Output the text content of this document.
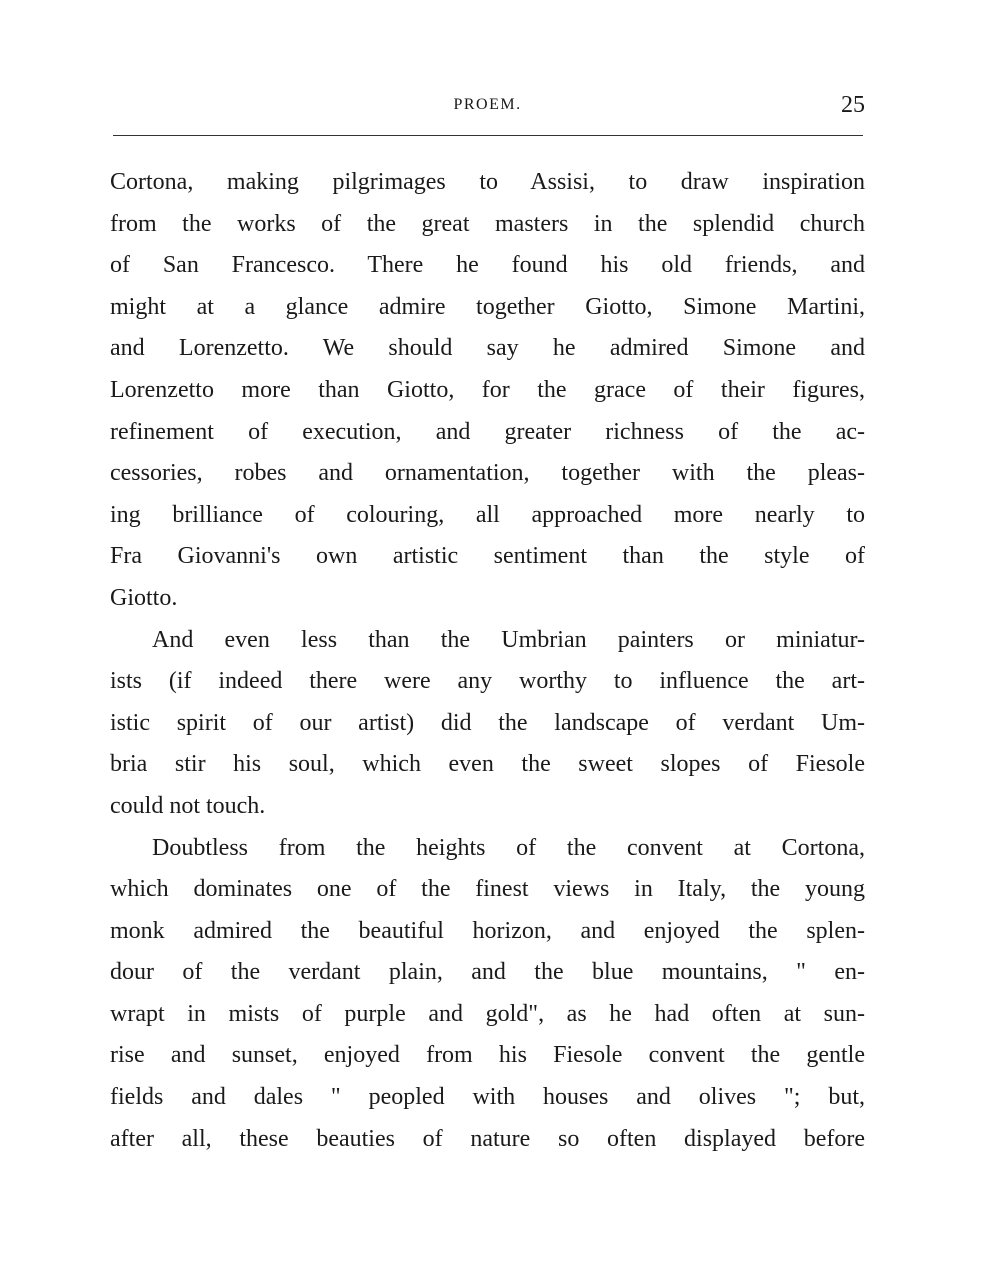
PROEM.	25

Cortona, making pilgrimages to Assisi, to draw inspiration
from the works of the great masters in the splendid church
of San Francesco. There he found his old friends, and
might at a glance admire together Giotto, Simone Martini,
and Lorenzetto. We should say he admired Simone and
Lorenzetto more than Giotto, for the grace of their figures,
refinement of execution, and greater richness of the ac-
cessories, robes and ornamentation, together with the pleas-
ing brilliance of colouring, all approached more nearly to
Fra Giovanni's own artistic sentiment than the style of
Giotto.

And even less than the Umbrian painters or miniatur-
ists (if indeed there were any worthy to influence the art-
istic spirit of our artist) did the landscape of verdant Um-
bria stir his soul, which even the sweet slopes of Fiesole
could not touch.

Doubtless from the heights of the convent at Cortona,
which dominates one of the finest views in Italy, the young
monk admired the beautiful horizon, and enjoyed the splen-
dour of the verdant plain, and the blue mountains, " en-
wrapt in mists of purple and gold", as he had often at sun-
rise and sunset, enjoyed from his Fiesole convent the gentle
fields and dales " peopled with houses and olives "; but,
after all, these beauties of nature so often displayed before
